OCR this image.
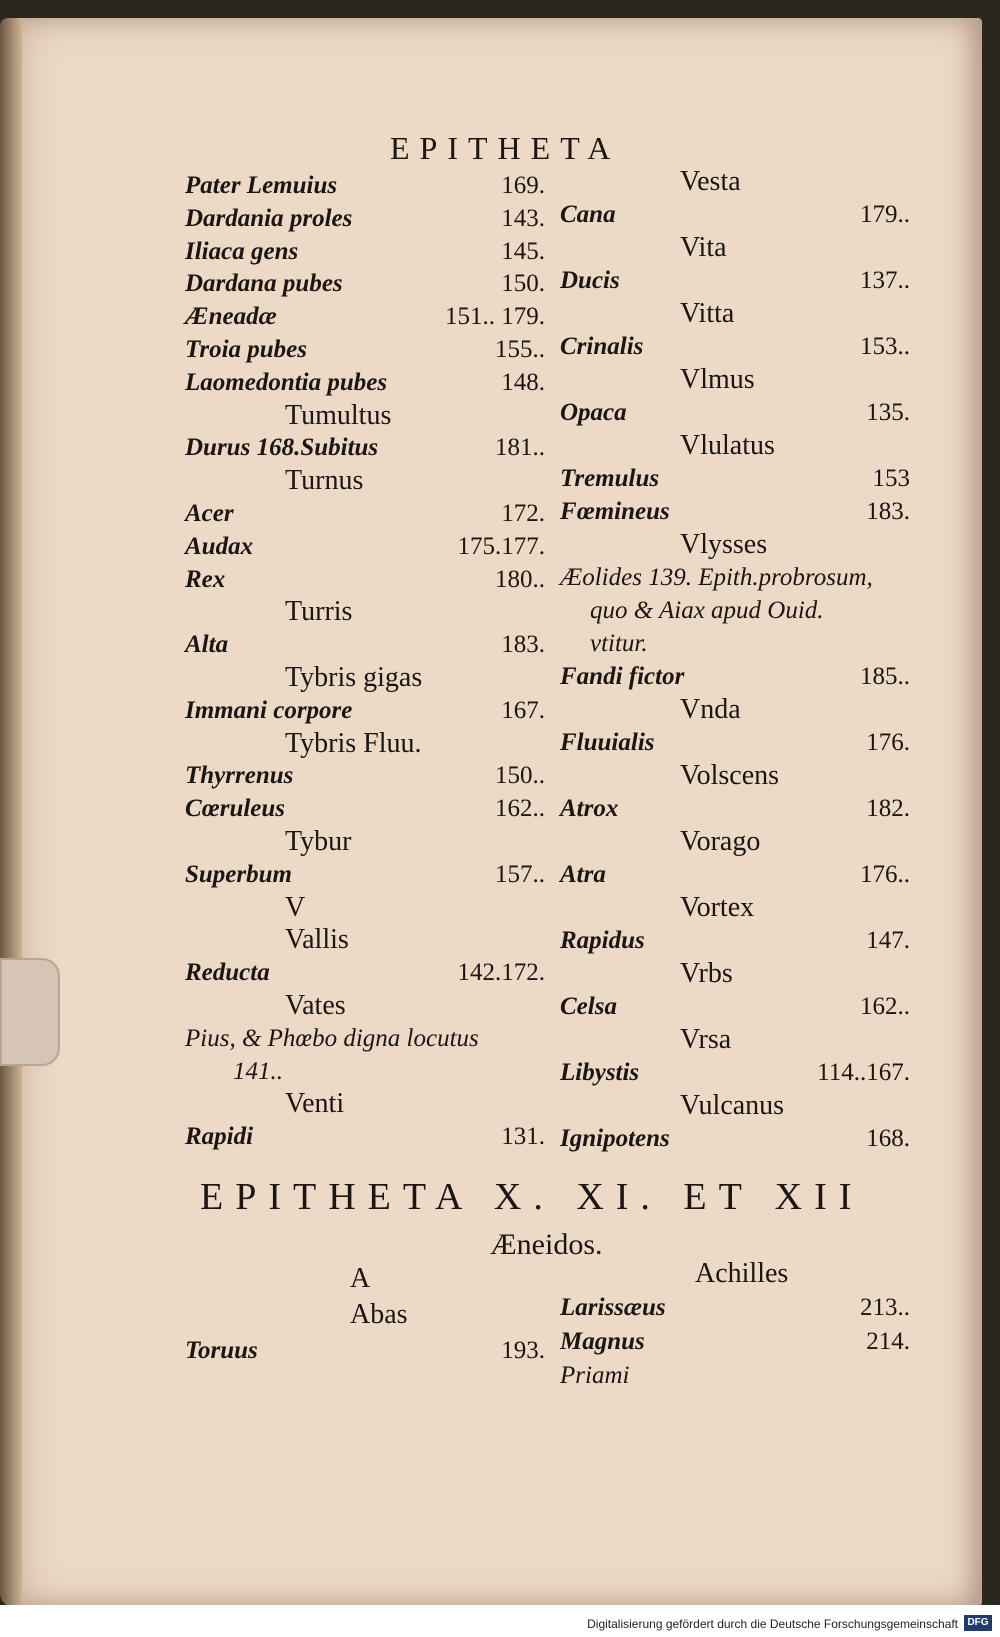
EPITHETA
Pater Lemuius	169.
Dardania proles	143.
Iliaca gens	145.
Dardana pubes	150.
Æneadæ	151.. 179.
Troia pubes	155..
Laomedontia pubes	148.
Tumultus
Durus 168.Subitus	181..
Turnus
Acer	172.
Audax	175.177.
Rex	180..
Turris
Alta	183.
Tybris gigas
Immani corpore	167.
Tybris Fluu.
Thyrrenus	150..
Cœruleus	162..
Tybur
Superbum	157..
V
Vallis
Reducta	142.172.
Vates
Pius, & Phœbo digna locutus
141..
Venti
Rapidi	131.
Vesta
Cana	179..
Vita
Ducis	137..
Vitta
Crinalis	153..
Vlmus
Opaca	135.
Vlulatus
Tremulus	153
Fœmineus	183.
Vlysses
Æolides 139. Epith.probrosum,
quo & Aiax apud Ouid.
vtitur.
Fandi fictor	185..
Vnda
Fluuialis	176.
Volscens
Atrox	182.
Vorago
Atra	176..
Vortex
Rapidus	147.
Vrbs
Celsa	162..
Vrsa
Libystis	114..167.
Vulcanus
Ignipotens	168.
EPITHETA X. XI. ET XII
Æneidos.
A
Abas
Toruus	193.
Achilles
Larissæus	213..
Magnus	214.
Priami
Digitalisierung gefördert durch die Deutsche Forschungsgemeinschaft DFG
